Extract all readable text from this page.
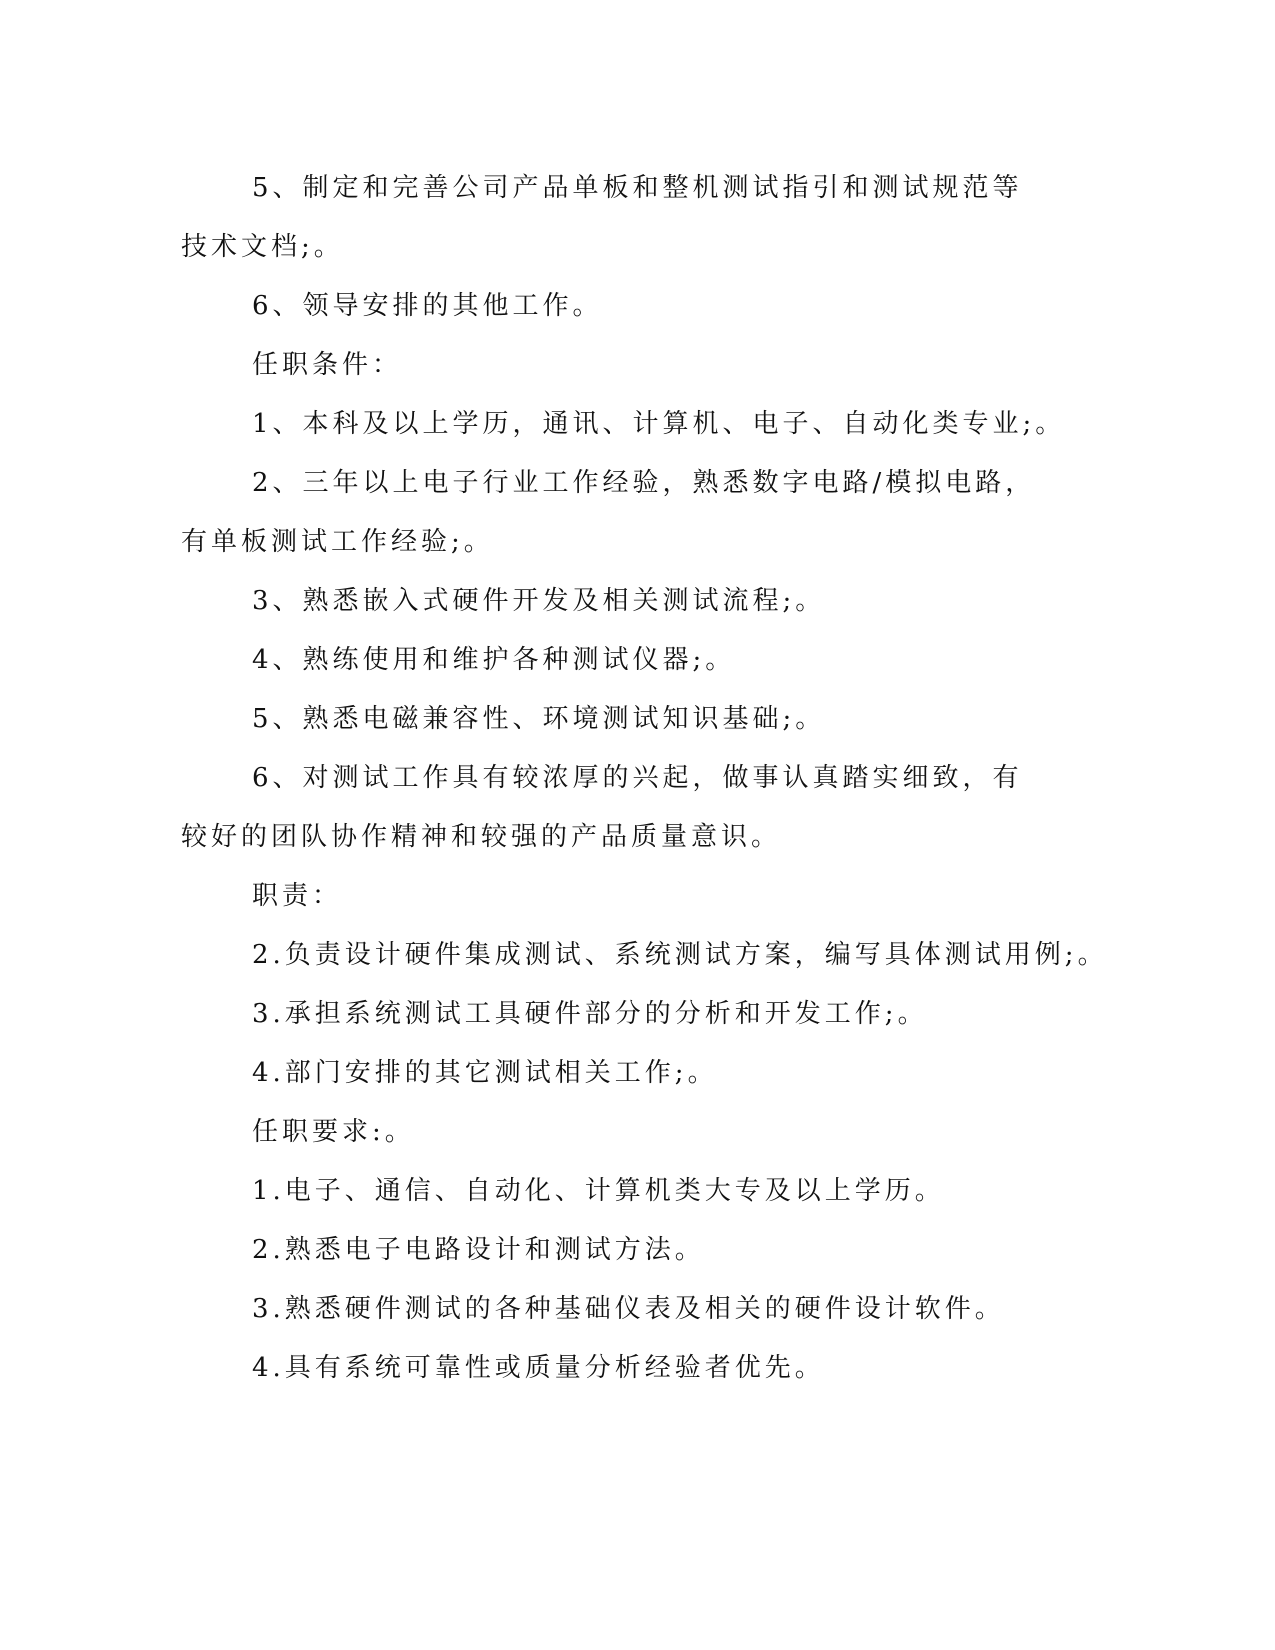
5、制定和完善公司产品单板和整机测试指引和测试规范等技术文档;。

6、领导安排的其他工作。

任职条件：

1、本科及以上学历，通讯、计算机、电子、自动化类专业;。

2、三年以上电子行业工作经验，熟悉数字电路/模拟电路，有单板测试工作经验;。

3、熟悉嵌入式硬件开发及相关测试流程;。

4、熟练使用和维护各种测试仪器;。

5、熟悉电磁兼容性、环境测试知识基础;。

6、对测试工作具有较浓厚的兴起，做事认真踏实细致，有较好的团队协作精神和较强的产品质量意识。

职责：

2.负责设计硬件集成测试、系统测试方案，编写具体测试用例;。

3.承担系统测试工具硬件部分的分析和开发工作;。

4.部门安排的其它测试相关工作;。

任职要求:。

1.电子、通信、自动化、计算机类大专及以上学历。

2.熟悉电子电路设计和测试方法。

3.熟悉硬件测试的各种基础仪表及相关的硬件设计软件。

4.具有系统可靠性或质量分析经验者优先。
